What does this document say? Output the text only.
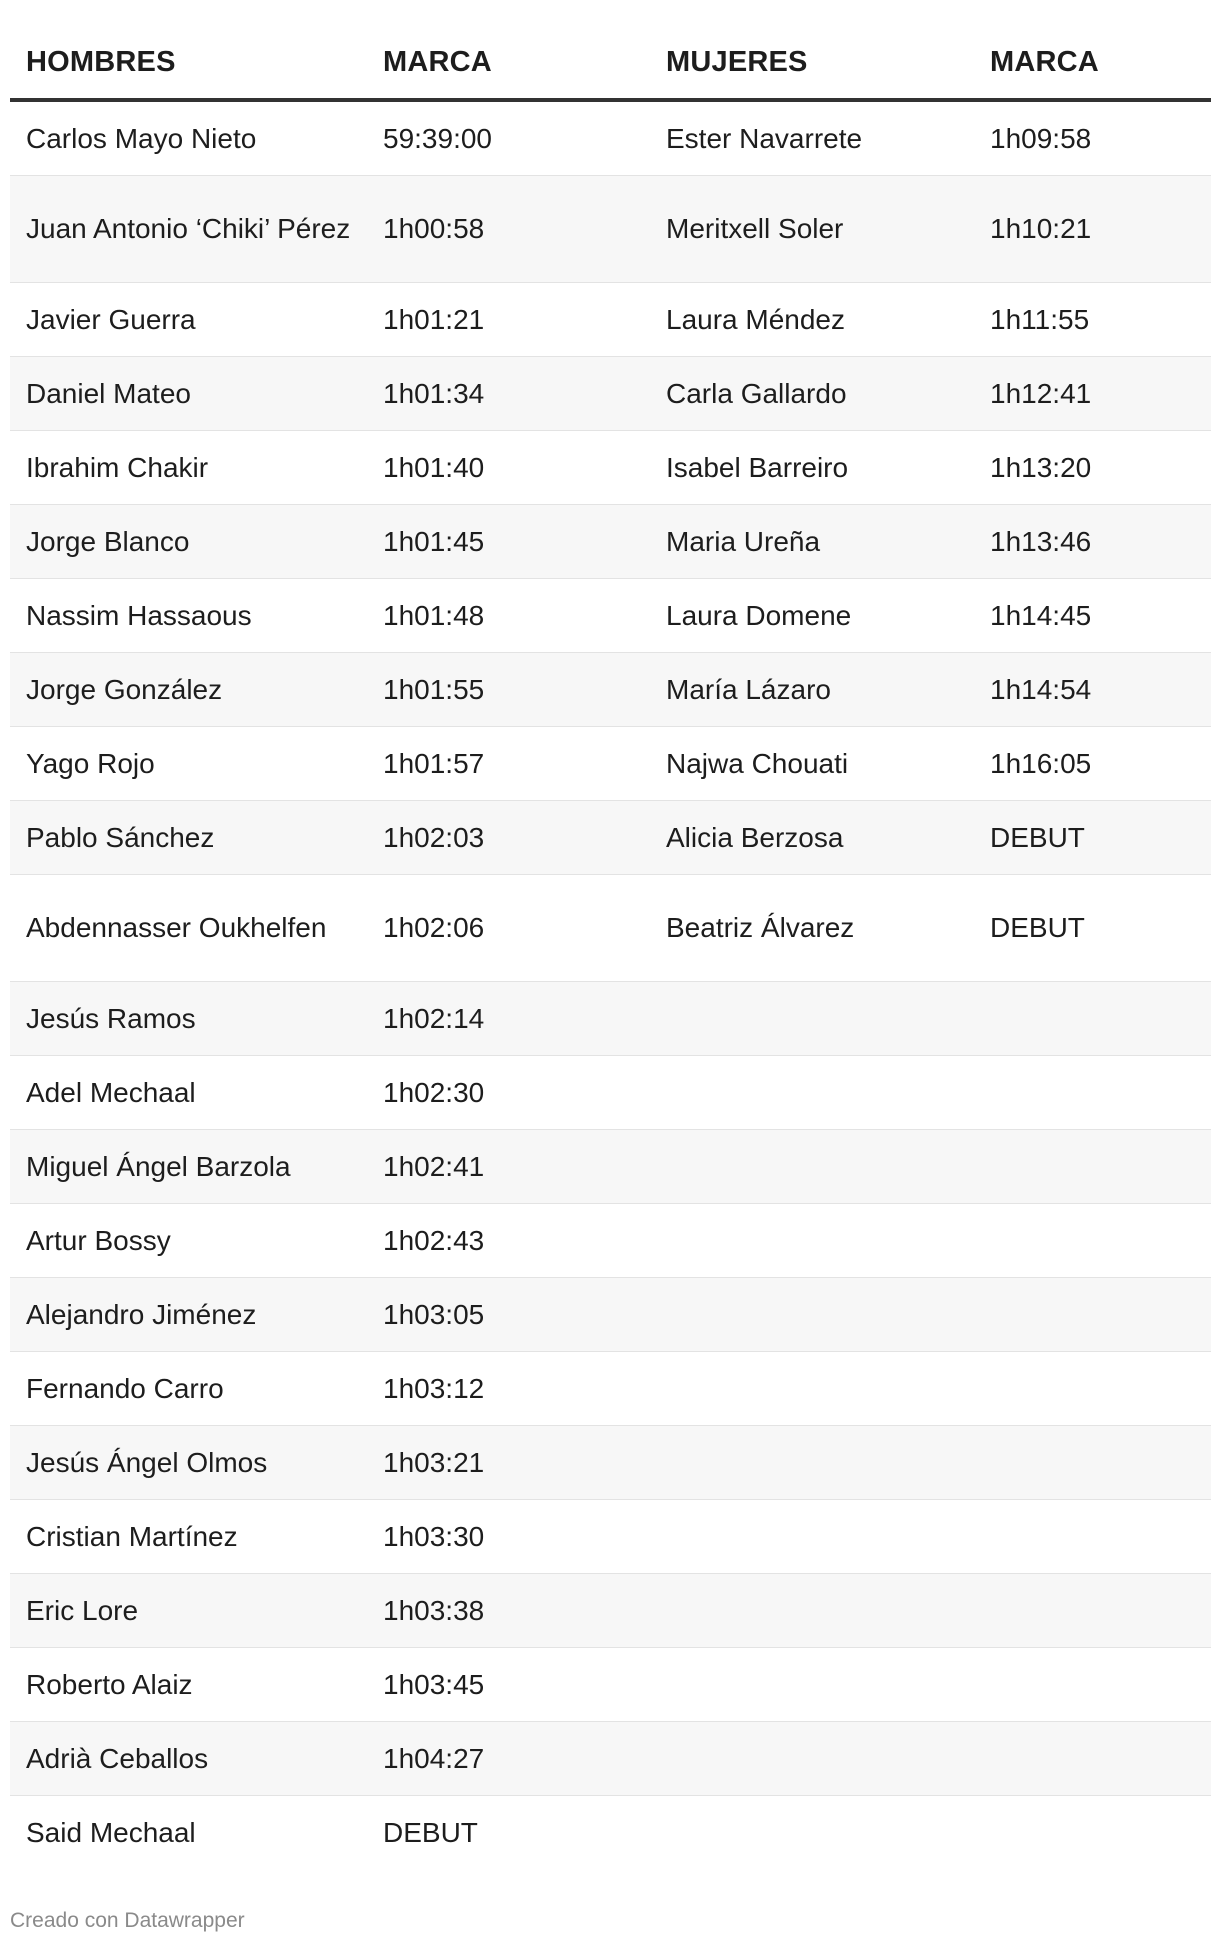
HOMBRES	MARCA	MUJERES	MARCA
Carlos Mayo Nieto	59:39:00	Ester Navarrete	1h09:58
Juan Antonio ‘Chiki’ Pérez	1h00:58	Meritxell Soler	1h10:21
Javier Guerra	1h01:21	Laura Méndez	1h11:55
Daniel Mateo	1h01:34	Carla Gallardo	1h12:41
Ibrahim Chakir	1h01:40	Isabel Barreiro	1h13:20
Jorge Blanco	1h01:45	Maria Ureña	1h13:46
Nassim Hassaous	1h01:48	Laura Domene	1h14:45
Jorge González	1h01:55	María Lázaro	1h14:54
Yago Rojo	1h01:57	Najwa Chouati	1h16:05
Pablo Sánchez	1h02:03	Alicia Berzosa	DEBUT
Abdennasser Oukhelfen	1h02:06	Beatriz Álvarez	DEBUT
Jesús Ramos	1h02:14		
Adel Mechaal	1h02:30		
Miguel Ángel Barzola	1h02:41		
Artur Bossy	1h02:43		
Alejandro Jiménez	1h03:05		
Fernando Carro	1h03:12		
Jesús Ángel Olmos	1h03:21		
Cristian Martínez	1h03:30		
Eric Lore	1h03:38		
Roberto Alaiz	1h03:45		
Adrià Ceballos	1h04:27		
Said Mechaal	DEBUT		
Creado con Datawrapper
